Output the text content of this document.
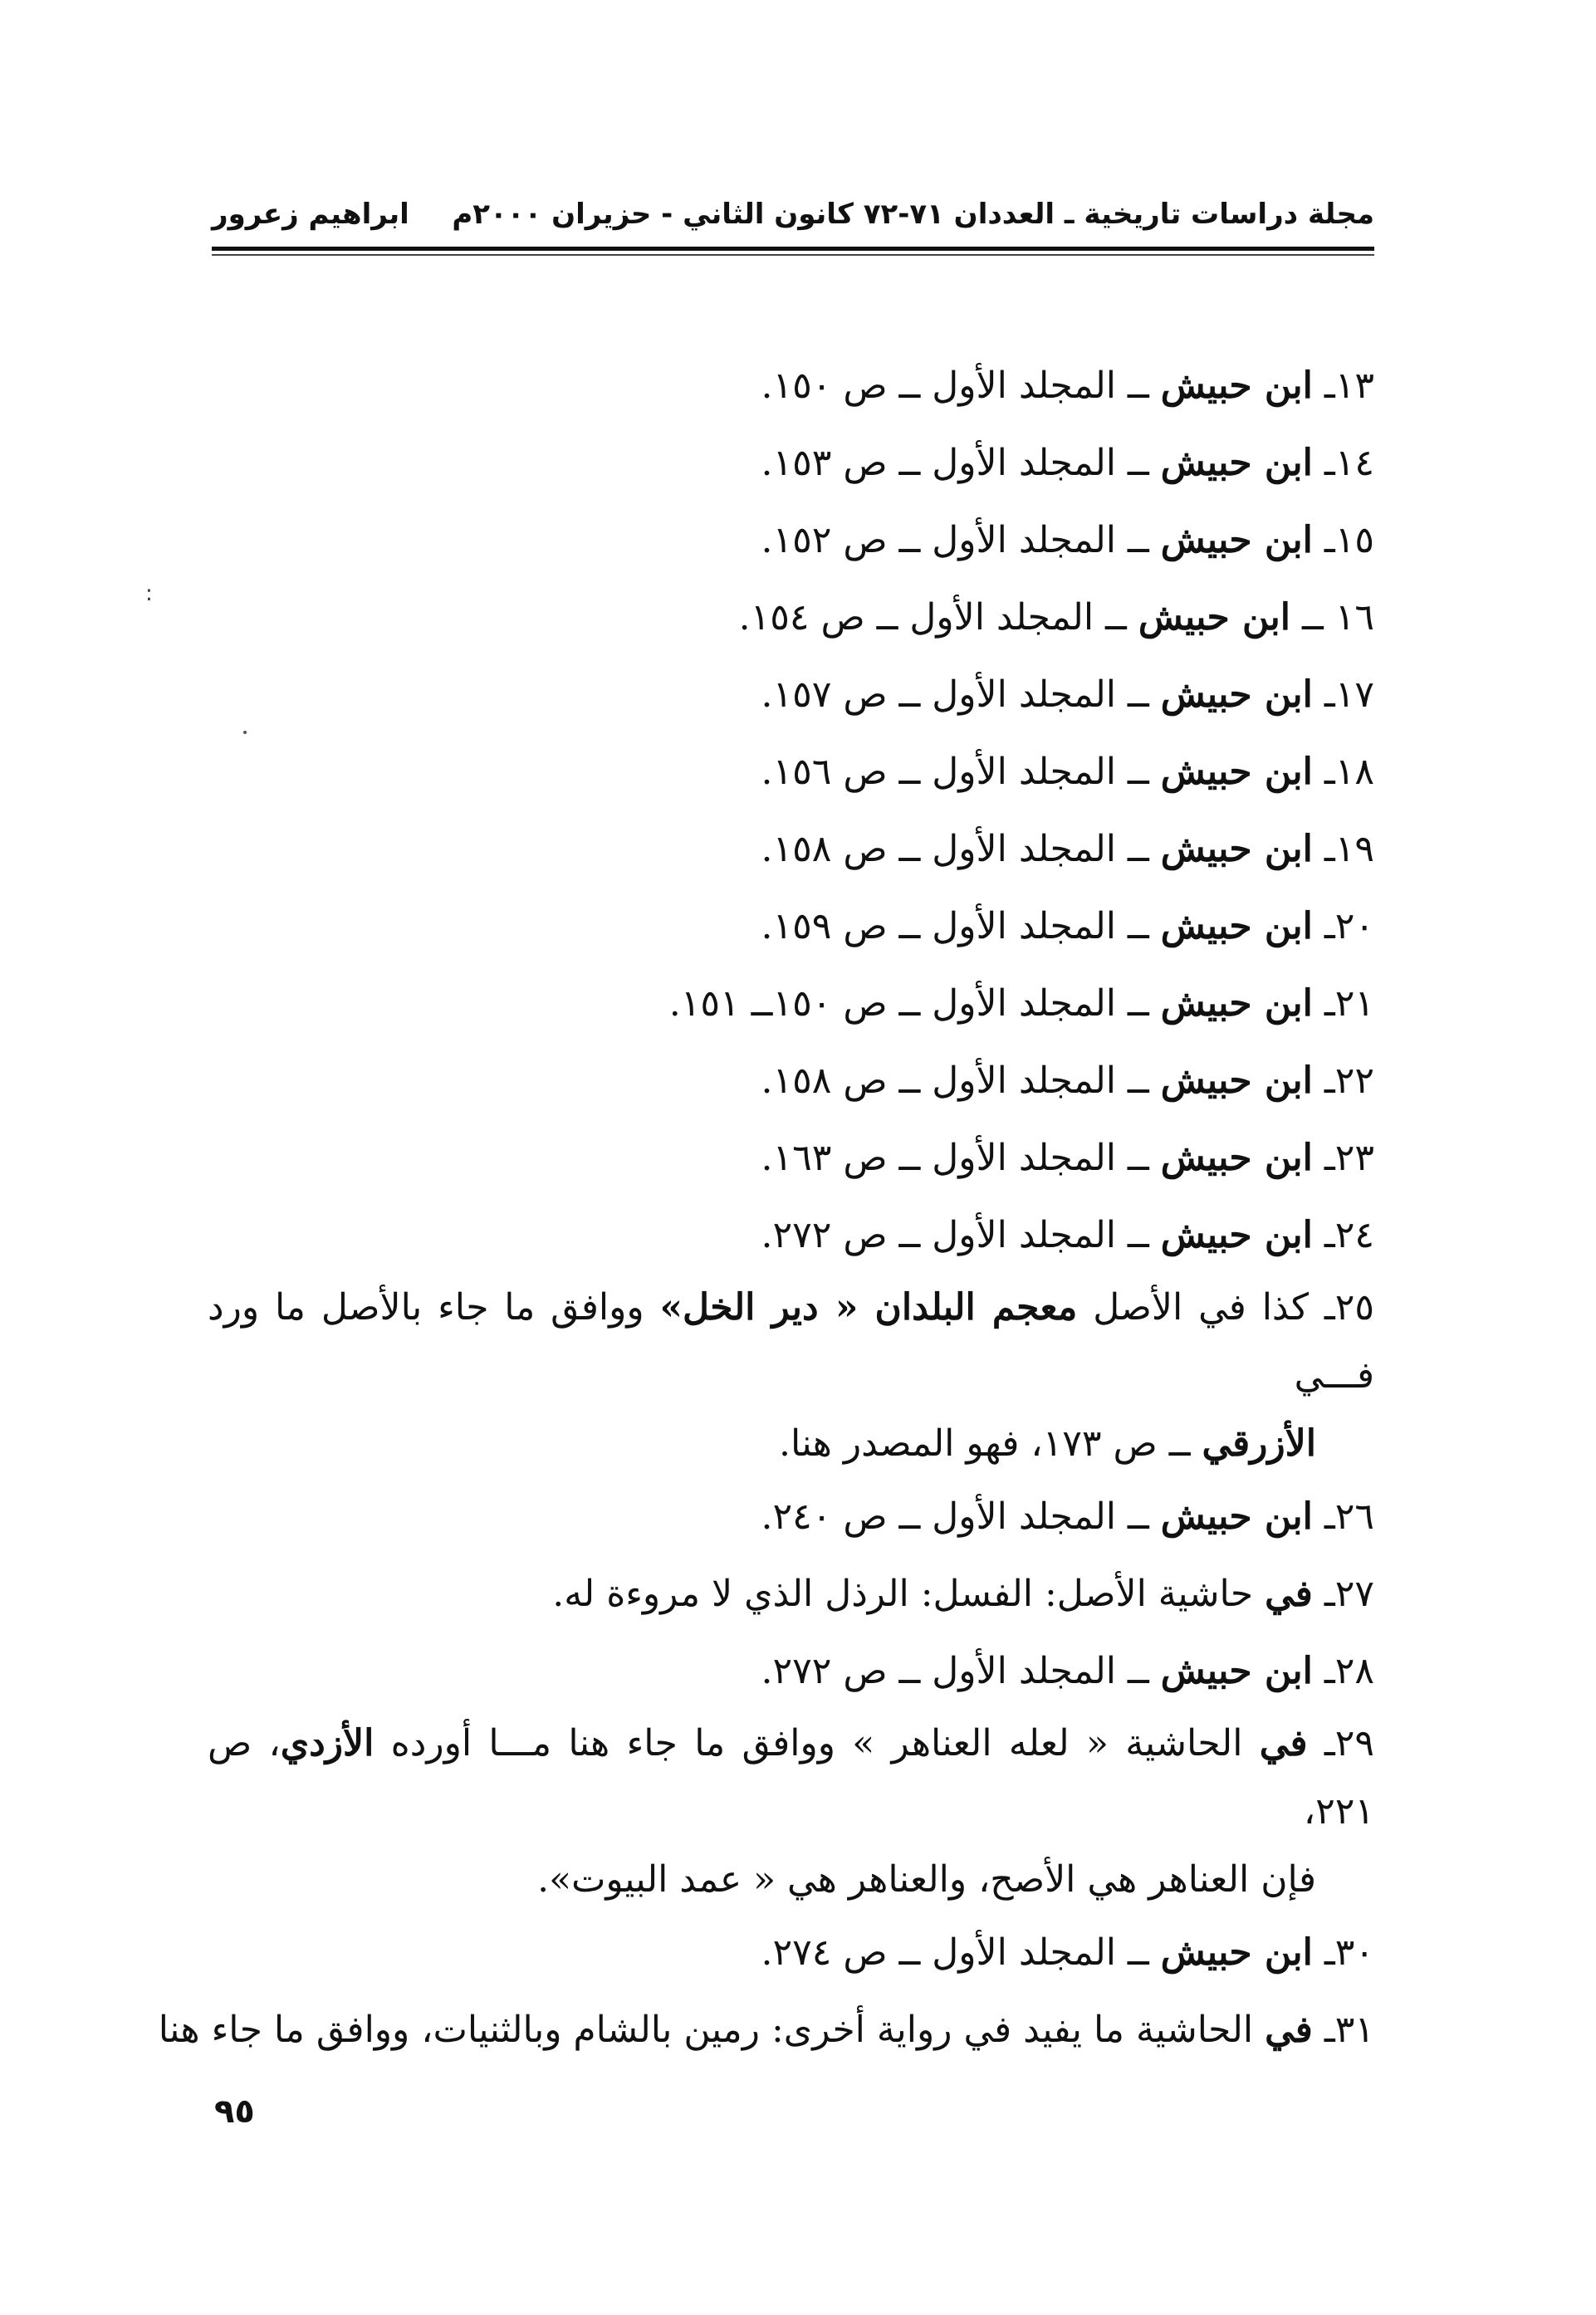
مجلة دراسات تاريخية ـ العددان ٧١-٧٢ كانون الثاني - حزيران ٢٠٠٠م
ابراهيم زعرور
:
١٣ـ ابن حبيش ــ المجلد الأول ــ ص ١٥٠.
١٤ـ ابن حبيش ــ المجلد الأول ــ ص ١٥٣.
١٥ـ ابن حبيش ــ المجلد الأول ــ ص ١٥٢.
١٦ ــ ابن حبيش ــ المجلد الأول ــ ص ١٥٤.
١٧ـ ابن حبيش ــ المجلد الأول ــ ص ١٥٧.
١٨ـ ابن حبيش ــ المجلد الأول ــ ص ١٥٦.
١٩ـ ابن حبيش ــ المجلد الأول ــ ص ١٥٨.
٢٠ـ ابن حبيش ــ المجلد الأول ــ ص ١٥٩.
٢١ـ ابن حبيش ــ المجلد الأول ــ ص ١٥٠ــ ١٥١.
٢٢ـ ابن حبيش ــ المجلد الأول ــ ص ١٥٨.
٢٣ـ ابن حبيش ــ المجلد الأول ــ ص ١٦٣.
٢٤ـ ابن حبيش ــ المجلد الأول ــ ص ٢٧٢.
٢٥ـ كذا في الأصل معجم البلدان « دير الخل» ووافق ما جاء بالأصل ما ورد فـــي
الأزرقي ــ ص ١٧٣، فهو المصدر هنا.
٢٦ـ ابن حبيش ــ المجلد الأول ــ ص ٢٤٠.
٢٧ـ في حاشية الأصل: الفسل: الرذل الذي لا مروءة له.
٢٨ـ ابن حبيش ــ المجلد الأول ــ ص ٢٧٢.
٢٩ـ في الحاشية « لعله العناهر » ووافق ما جاء هنا مـــا أورده الأزدي، ص ٢٢١،
فإن العناهر هي الأصح، والعناهر هي « عمد البيوت».
٣٠ـ ابن حبيش ــ المجلد الأول ــ ص ٢٧٤.
٣١ـ في الحاشية ما يفيد في رواية أخرى: رمين بالشام وبالثنيات، ووافق ما جاء هنا
٩٥
